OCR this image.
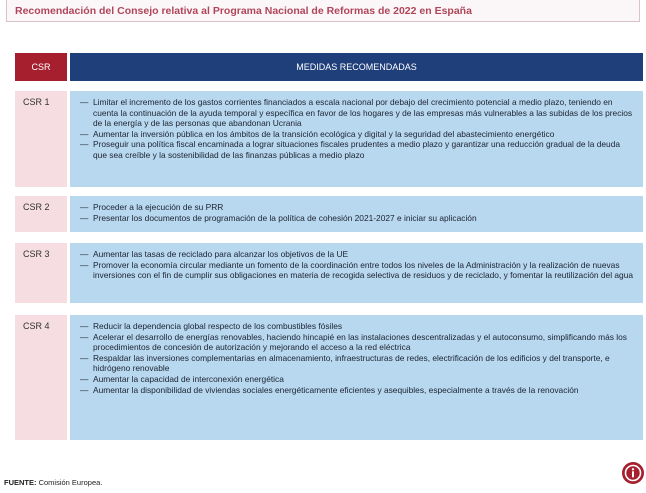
Recomendación del Consejo relativa al Programa Nacional de Reformas de 2022 en España
CSR	MEDIDAS RECOMENDADAS
CSR 1	— Limitar el incremento de los gastos corrientes financiados a escala nacional por debajo del crecimiento potencial a medio plazo, teniendo en cuenta la continuación de la ayuda temporal y específica en favor de los hogares y de las empresas más vulnerables a las subidas de los precios de la energía y de las personas que abandonan Ucrania
— Aumentar la inversión pública en los ámbitos de la transición ecológica y digital y la seguridad del abastecimiento energético
— Proseguir una política fiscal encaminada a lograr situaciones fiscales prudentes a medio plazo y garantizar una reducción gradual de la deuda que sea creíble y la sostenibilidad de las finanzas públicas a medio plazo
CSR 2	— Proceder a la ejecución de su PRR
— Presentar los documentos de programación de la política de cohesión 2021-2027 e iniciar su aplicación
CSR 3	— Aumentar las tasas de reciclado para alcanzar los objetivos de la UE
— Promover la economía circular mediante un fomento de la coordinación entre todos los niveles de la Administración y la realización de nuevas inversiones con el fin de cumplir sus obligaciones en materia de recogida selectiva de residuos y de reciclado, y fomentar la reutilización del agua
CSR 4	— Reducir la dependencia global respecto de los combustibles fósiles
— Acelerar el desarrollo de energías renovables, haciendo hincapié en las instalaciones descentralizadas y el autoconsumo, simplificando más los procedimientos de concesión de autorización y mejorando el acceso a la red eléctrica
— Respaldar las inversiones complementarias en almacenamiento, infraestructuras de redes, electrificación de los edificios y del transporte, e hidrógeno renovable
— Aumentar la capacidad de interconexión energética
— Aumentar la disponibilidad de viviendas sociales energéticamente eficientes y asequibles, especialmente a través de la renovación
FUENTE: Comisión Europea.
